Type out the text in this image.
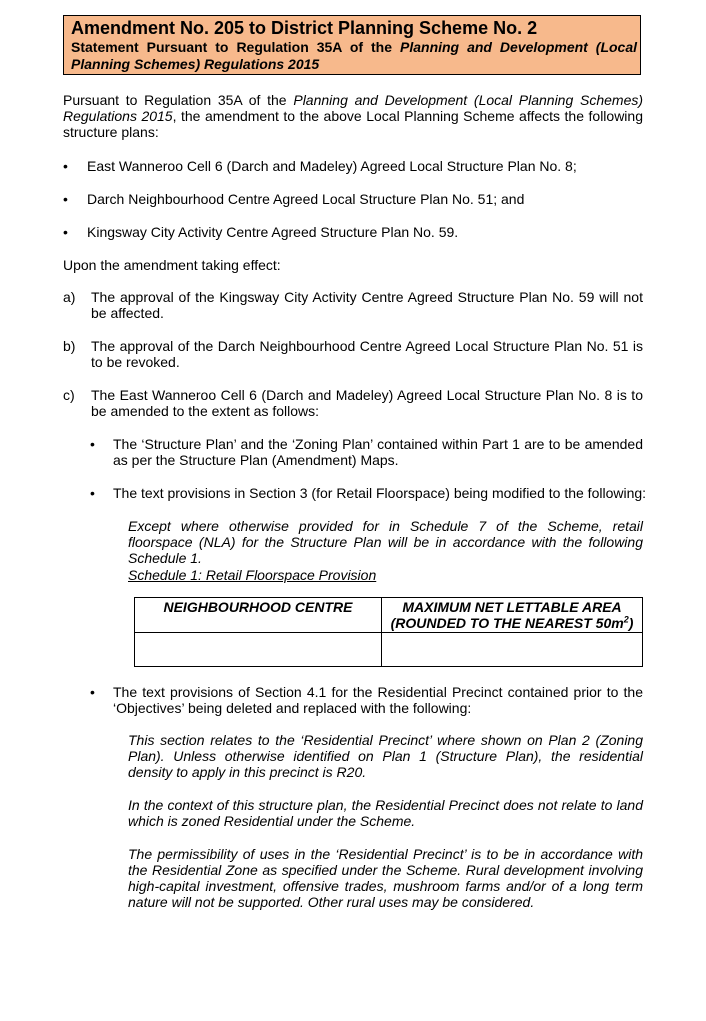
Amendment No. 205 to District Planning Scheme No. 2
Statement Pursuant to Regulation 35A of the Planning and Development (Local Planning Schemes) Regulations 2015
Pursuant to Regulation 35A of the Planning and Development (Local Planning Schemes) Regulations 2015, the amendment to the above Local Planning Scheme affects the following structure plans:
• East Wanneroo Cell 6 (Darch and Madeley) Agreed Local Structure Plan No. 8;
• Darch Neighbourhood Centre Agreed Local Structure Plan No. 51; and
• Kingsway City Activity Centre Agreed Structure Plan No. 59.
Upon the amendment taking effect:
a) The approval of the Kingsway City Activity Centre Agreed Structure Plan No. 59 will not be affected.
b) The approval of the Darch Neighbourhood Centre Agreed Local Structure Plan No. 51 is to be revoked.
c) The East Wanneroo Cell 6 (Darch and Madeley) Agreed Local Structure Plan No. 8 is to be amended to the extent as follows:
• The ‘Structure Plan’ and the ‘Zoning Plan’ contained within Part 1 are to be amended as per the Structure Plan (Amendment) Maps.
• The text provisions in Section 3 (for Retail Floorspace) being modified to the following:
Except where otherwise provided for in Schedule 7 of the Scheme, retail floorspace (NLA) for the Structure Plan will be in accordance with the following Schedule 1.
Schedule 1: Retail Floorspace Provision
NEIGHBOURHOOD CENTRE	MAXIMUM NET LETTABLE AREA
(ROUNDED TO THE NEAREST $50m^2$)

• The text provisions of Section 4.1 for the Residential Precinct contained prior to the ‘Objectives’ being deleted and replaced with the following:
This section relates to the ‘Residential Precinct’ where shown on Plan 2 (Zoning Plan). Unless otherwise identified on Plan 1 (Structure Plan), the residential density to apply in this precinct is R20.
In the context of this structure plan, the Residential Precinct does not relate to land which is zoned Residential under the Scheme.
The permissibility of uses in the ‘Residential Precinct’ is to be in accordance with the Residential Zone as specified under the Scheme. Rural development involving high-capital investment, offensive trades, mushroom farms and/or of a long term nature will not be supported. Other rural uses may be considered.
